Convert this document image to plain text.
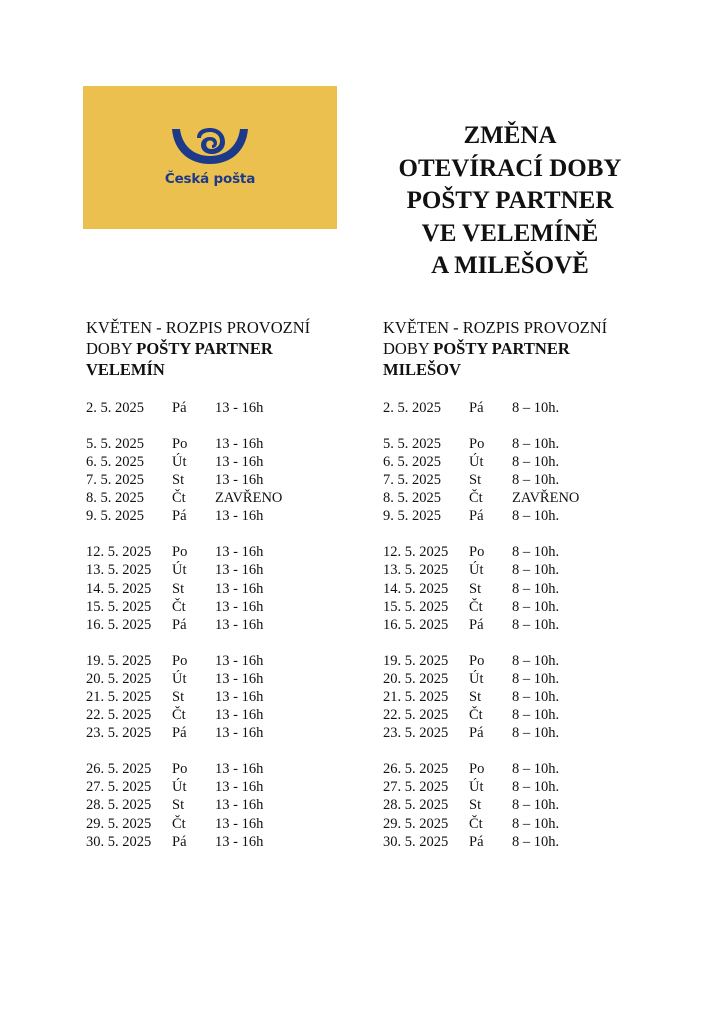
Česká pošta
ZMĚNA
OTEVÍRACÍ DOBY
POŠTY PARTNER
VE VELEMÍNĚ
A MILEŠOVĚ
KVĚTEN - ROZPIS PROVOZNÍ
DOBY POŠTY PARTNER
VELEMÍN
2. 5. 2025 Pá 13 - 16h
5. 5. 2025 Po 13 - 16h
6. 5. 2025 Út 13 - 16h
7. 5. 2025 St 13 - 16h
8. 5. 2025 Čt ZAVŘENO
9. 5. 2025 Pá 13 - 16h
12. 5. 2025 Po 13 - 16h
13. 5. 2025 Út 13 - 16h
14. 5. 2025 St 13 - 16h
15. 5. 2025 Čt 13 - 16h
16. 5. 2025 Pá 13 - 16h
19. 5. 2025 Po 13 - 16h
20. 5. 2025 Út 13 - 16h
21. 5. 2025 St 13 - 16h
22. 5. 2025 Čt 13 - 16h
23. 5. 2025 Pá 13 - 16h
26. 5. 2025 Po 13 - 16h
27. 5. 2025 Út 13 - 16h
28. 5. 2025 St 13 - 16h
29. 5. 2025 Čt 13 - 16h
30. 5. 2025 Pá 13 - 16h
KVĚTEN - ROZPIS PROVOZNÍ
DOBY POŠTY PARTNER
MILEŠOV
2. 5. 2025 Pá 8 – 10h.
5. 5. 2025 Po 8 – 10h.
6. 5. 2025 Út 8 – 10h.
7. 5. 2025 St 8 – 10h.
8. 5. 2025 Čt ZAVŘENO
9. 5. 2025 Pá 8 – 10h.
12. 5. 2025 Po 8 – 10h.
13. 5. 2025 Út 8 – 10h.
14. 5. 2025 St 8 – 10h.
15. 5. 2025 Čt 8 – 10h.
16. 5. 2025 Pá 8 – 10h.
19. 5. 2025 Po 8 – 10h.
20. 5. 2025 Út 8 – 10h.
21. 5. 2025 St 8 – 10h.
22. 5. 2025 Čt 8 – 10h.
23. 5. 2025 Pá 8 – 10h.
26. 5. 2025 Po 8 – 10h.
27. 5. 2025 Út 8 – 10h.
28. 5. 2025 St 8 – 10h.
29. 5. 2025 Čt 8 – 10h.
30. 5. 2025 Pá 8 – 10h.
